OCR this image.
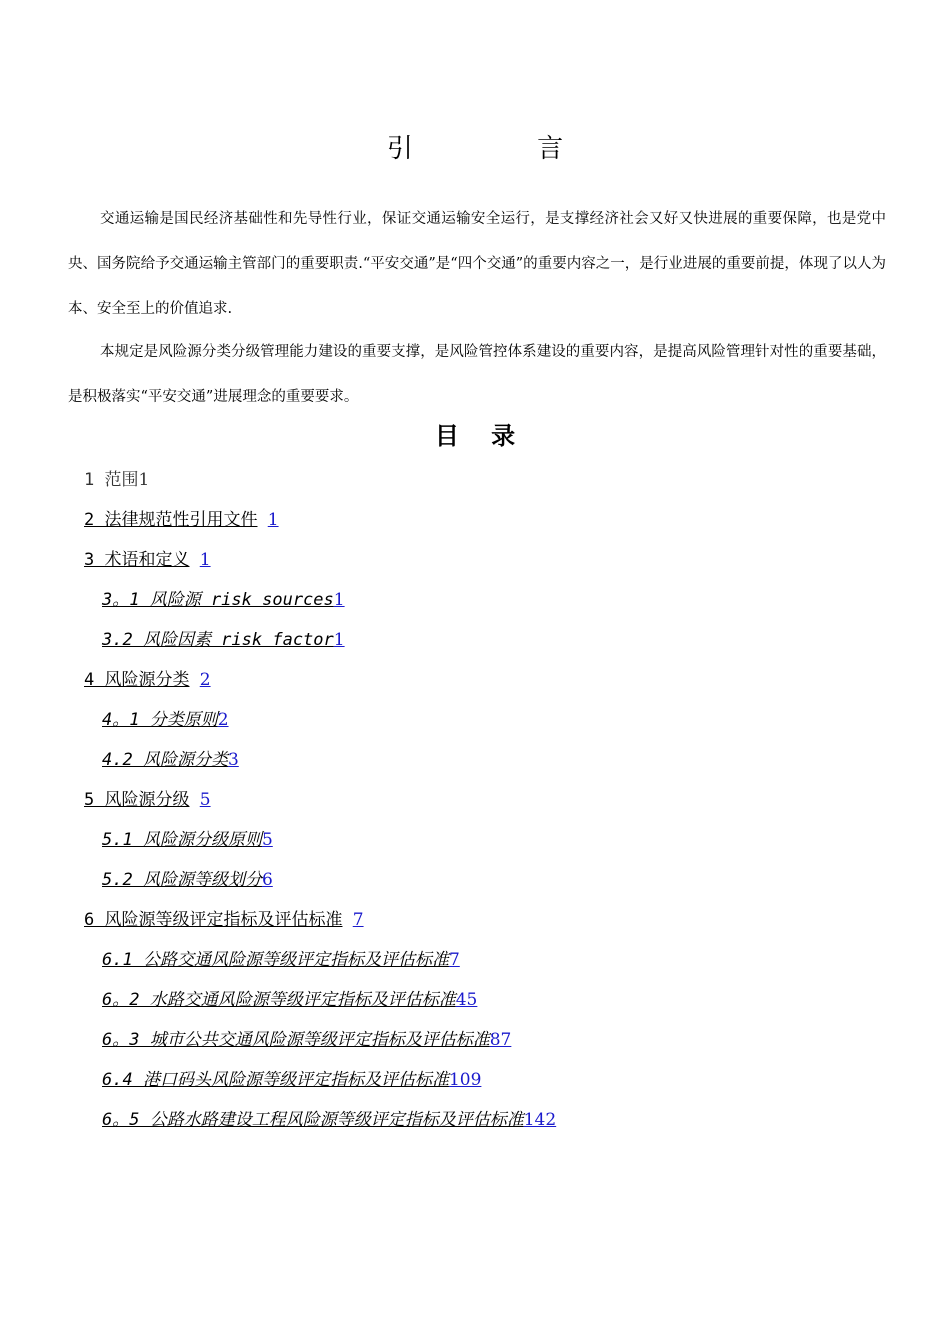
引 言
交通运输是国民经济基础性和先导性行业，保证交通运输安全运行，是支撑经济社会又好又快进展的重要保障，也是党中央、国务院给予交通运输主管部门的重要职责.“平安交通”是“四个交通”的重要内容之一，是行业进展的重要前提，体现了以人为本、安全至上的价值追求.
本规定是风险源分类分级管理能力建设的重要支撑，是风险管控体系建设的重要内容，是提高风险管理针对性的重要基础，是积极落实“平安交通”进展理念的重要要求。
目 录
1 范围1
2 法律规范性引用文件 1
3 术语和定义 1
3。1 风险源 risk sources1
3.2 风险因素 risk factor1
4 风险源分类 2
4。1 分类原则2
4.2 风险源分类3
5 风险源分级 5
5.1 风险源分级原则5
5.2 风险源等级划分6
6 风险源等级评定指标及评估标准 7
6.1 公路交通风险源等级评定指标及评估标准7
6。2 水路交通风险源等级评定指标及评估标准45
6。3 城市公共交通风险源等级评定指标及评估标准87
6.4 港口码头风险源等级评定指标及评估标准109
6。5 公路水路建设工程风险源等级评定指标及评估标准142
